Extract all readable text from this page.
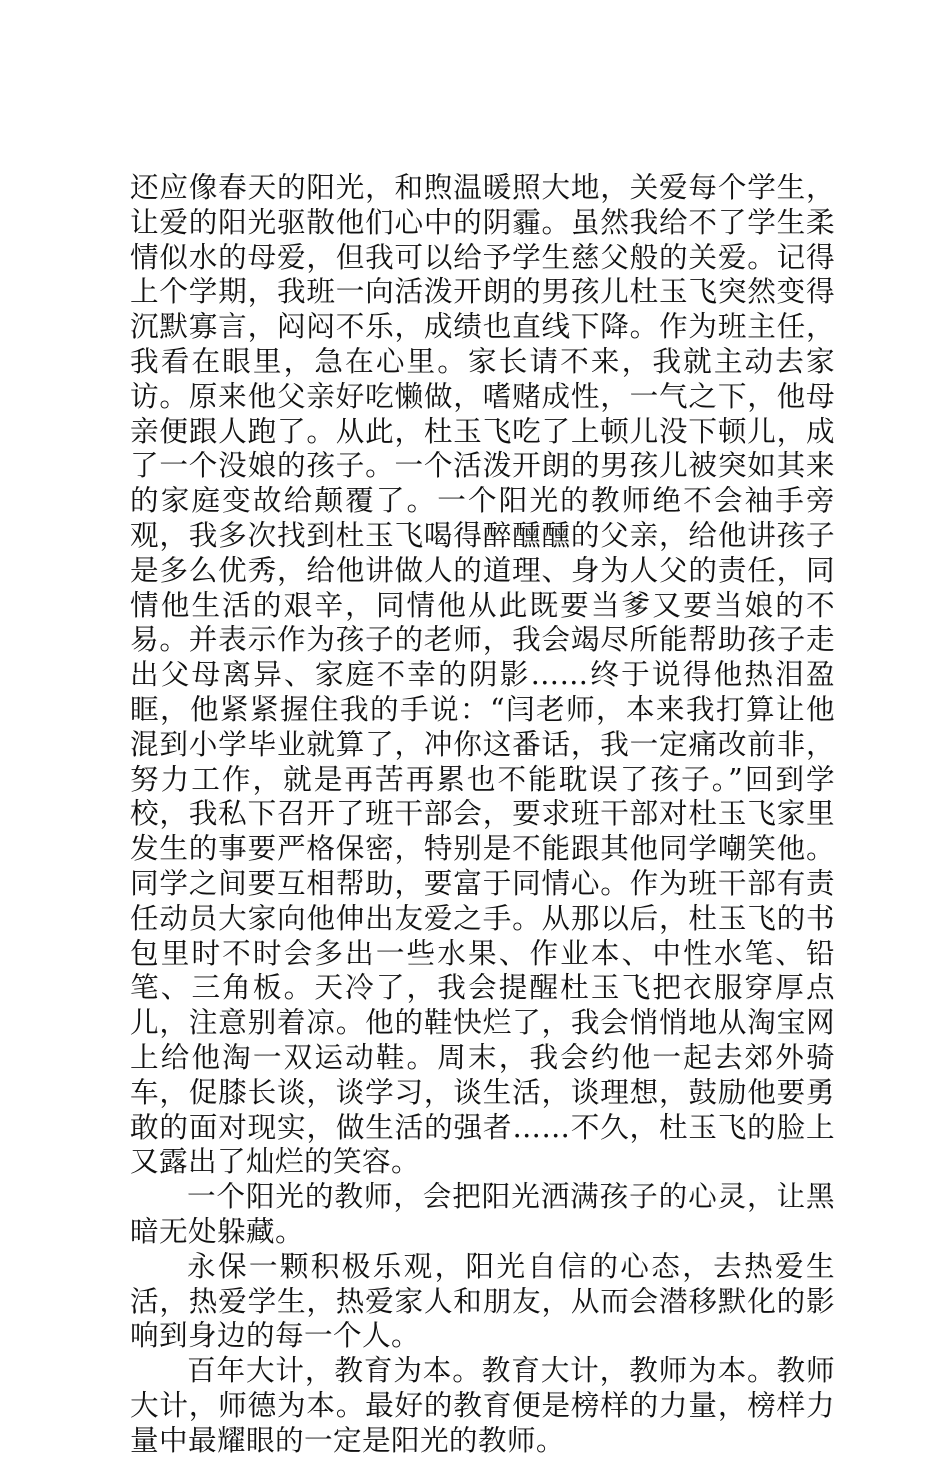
还应像春天的阳光，和煦温暖照大地，关爱每个学生，让爱的阳光驱散他们心中的阴霾。虽然我给不了学生柔情似水的母爱，但我可以给予学生慈父般的关爱。记得上个学期，我班一向活泼开朗的男孩儿杜玉飞突然变得沉默寡言，闷闷不乐，成绩也直线下降。作为班主任，我看在眼里，急在心里。家长请不来，我就主动去家访。原来他父亲好吃懒做，嗜赌成性，一气之下，他母亲便跟人跑了。从此，杜玉飞吃了上顿儿没下顿儿，成了一个没娘的孩子。一个活泼开朗的男孩儿被突如其来的家庭变故给颠覆了。一个阳光的教师绝不会袖手旁观，我多次找到杜玉飞喝得醉醺醺的父亲，给他讲孩子是多么优秀，给他讲做人的道理、身为人父的责任，同情他生活的艰辛，同情他从此既要当爹又要当娘的不易。并表示作为孩子的老师，我会竭尽所能帮助孩子走出父母离异、家庭不幸的阴影……终于说得他热泪盈眶，他紧紧握住我的手说：“闫老师，本来我打算让他混到小学毕业就算了，冲你这番话，我一定痛改前非，努力工作，就是再苦再累也不能耽误了孩子。”回到学校，我私下召开了班干部会，要求班干部对杜玉飞家里发生的事要严格保密，特别是不能跟其他同学嘲笑他。同学之间要互相帮助，要富于同情心。作为班干部有责任动员大家向他伸出友爱之手。从那以后，杜玉飞的书包里时不时会多出一些水果、作业本、中性水笔、铅笔、三角板。天冷了，我会提醒杜玉飞把衣服穿厚点儿，注意别着凉。他的鞋快烂了，我会悄悄地从淘宝网上给他淘一双运动鞋。周末，我会约他一起去郊外骑车，促膝长谈，谈学习，谈生活，谈理想，鼓励他要勇敢的面对现实，做生活的强者……不久，杜玉飞的脸上又露出了灿烂的笑容。

一个阳光的教师，会把阳光洒满孩子的心灵，让黑暗无处躲藏。

永保一颗积极乐观，阳光自信的心态，去热爱生活，热爱学生，热爱家人和朋友，从而会潜移默化的影响到身边的每一个人。

百年大计，教育为本。教育大计，教师为本。教师大计，师德为本。最好的教育便是榜样的力量，榜样力量中最耀眼的一定是阳光的教师。
